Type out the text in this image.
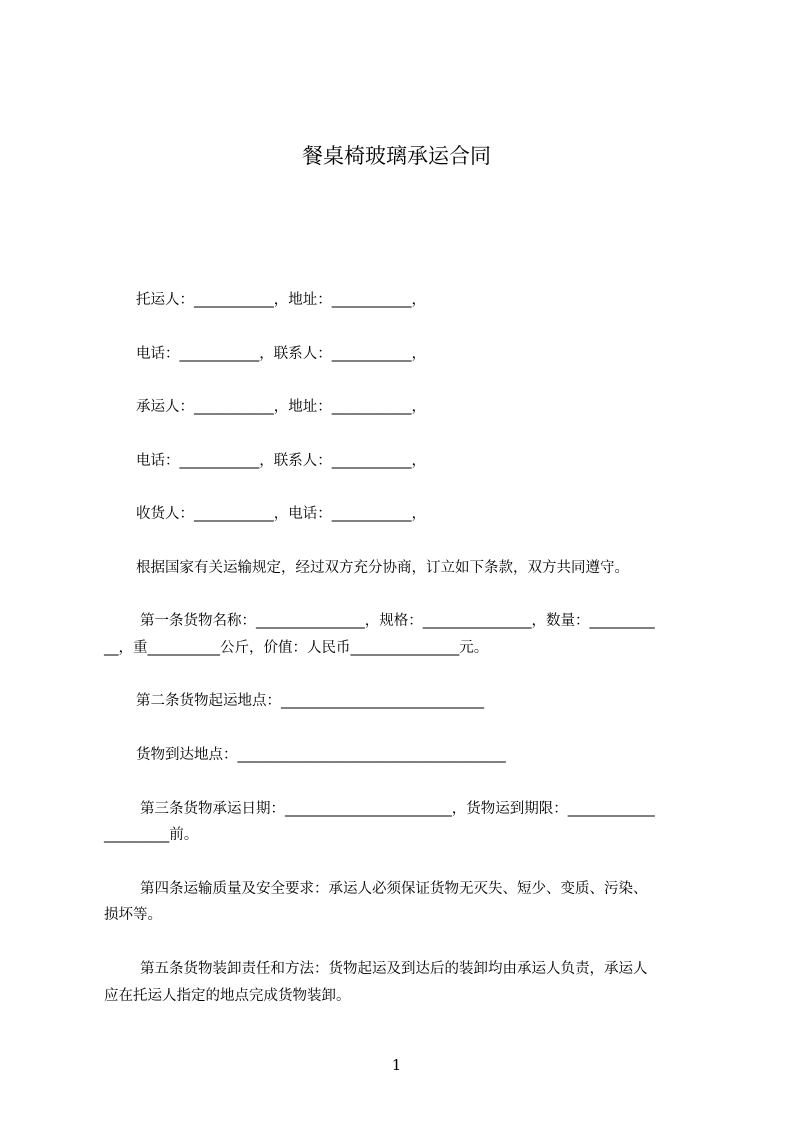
餐桌椅玻璃承运合同
托运人：___________，地址：___________，
电话：___________，联系人：___________，
承运人：___________，地址：___________，
电话：___________，联系人：___________，
收货人：___________，电话：___________，
根据国家有关运输规定，经过双方充分协商，订立如下条款，双方共同遵守。
第一条货物名称：_______________，规格：_______________，数量：_________
__，重__________公斤，价值：人民币_______________元。
第二条货物起运地点：____________________________
货物到达地点：_____________________________________
第三条货物承运日期：_______________________，货物运到期限：____________
_________前。
第四条运输质量及安全要求：承运人必须保证货物无灭失、短少、变质、污染、
损坏等。
第五条货物装卸责任和方法：货物起运及到达后的装卸均由承运人负责，承运人
应在托运人指定的地点完成货物装卸。
1
